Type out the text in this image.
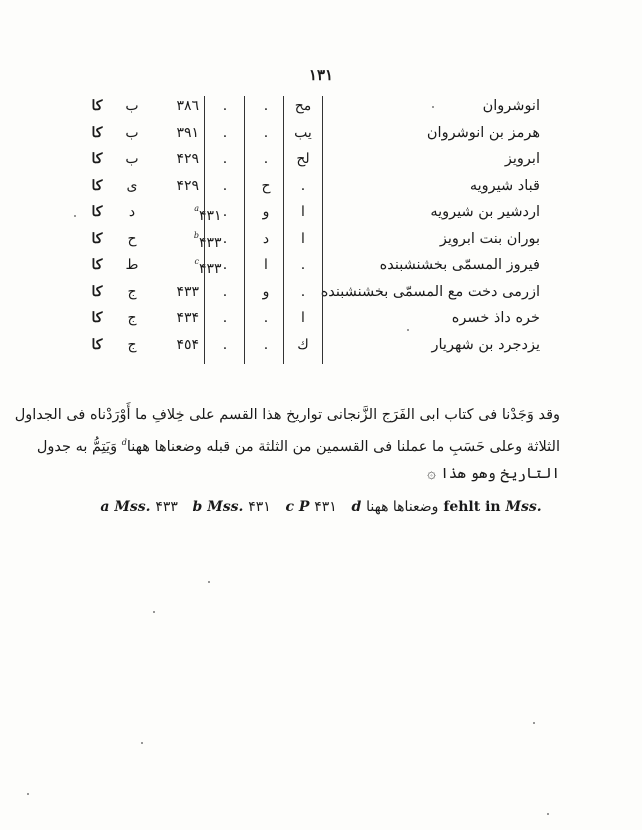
١٣١
انوشروان
مح
.
.
٣٨٦
ب
كا
هرمز بن انوشروان
يب
.
.
٣٩١
ب
كا
ابرويز
لح
.
.
۴٢٩
ب
كا
قباد شيرويه
.
ح
.
۴٢٩
ى
كا
اردشير بن شيرويه
ا
و
.
$^a$ ۴٣١
د
كا
بوران بنت ابرويز
ا
د
.
$^b$ ۴٣٣
ح
كا
فيروز المسمّى بخشنشبنده
.
ا
.
$^c$ ۴٣٣
ط
كا
ازرمى دخت مع المسمّى بخشنشبنده
.
و
.
۴٣٣
ج
كا
خره داذ خسره
ا
.
.
۴٣۴
ج
كا
يزدجرد بن شهريار
ك
.
.
۴٥۴
ج
كا
وقد وَجَدْنا فى كتاب ابى الفَرَج الزَّنجانى تواريخ هذا القسم على خِلافِ ما أَوْرَدْناه فى الجداول
الثلاثة وعلى حَسَبِ ما عملنا فى القسمين من الثلثة من قبله وضعناها ههنا$^d$ وَيَتِمُّ به جدول
التاريخ وهو هذا ۞
a Mss. ۴٣٣ b Mss. ۴٣١ c P ۴٣١ d وضعناها ههنا fehlt in Mss.
